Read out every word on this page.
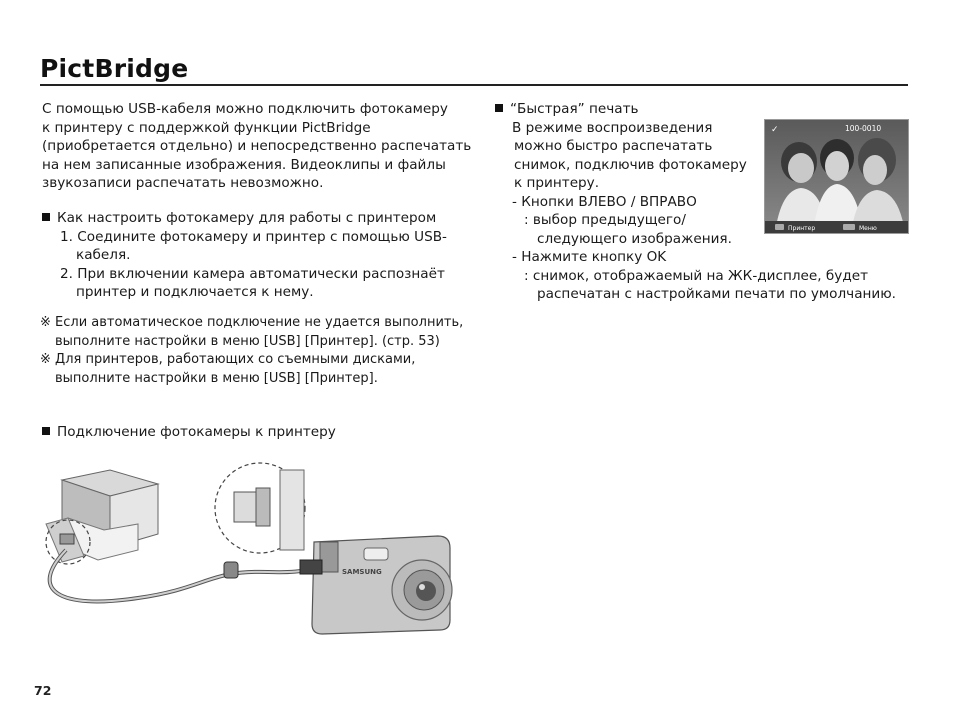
PictBridge
С помощью USB-кабеля можно подключить фотокамеру
к принтеру с поддержкой функции PictBridge
(приобретается отдельно) и непосредственно распечатать
на нем записанные изображения. Видеоклипы и файлы
звукозаписи распечатать невозможно.
Как настроить фотокамеру для работы с принтером
1. Соедините фотокамеру и принтер с помощью USB-
кабеля.
2. При включении камера автоматически распознаёт
принтер и подключается к нему.
※ Если автоматическое подключение не удается выполнить,
выполните настройки в меню [USB] [Принтер]. (стр. 53)
※ Для принтеров, работающих со съемными дисками,
выполните настройки в меню [USB] [Принтер].
Подключение фотокамеры к принтеру
SAMSUNG
“Быстрая” печать
В режиме воспроизведения
можно быстро распечатать
снимок, подключив фотокамеру
к принтеру.
- Кнопки ВЛЕВО / ВПРАВО
: выбор предыдущего/
следующего изображения.
- Нажмите кнопку OK
: снимок, отображаемый на ЖК-дисплее, будет
распечатан с настройками печати по умолчанию.
✓	100-0010
Принтер	Меню
72
